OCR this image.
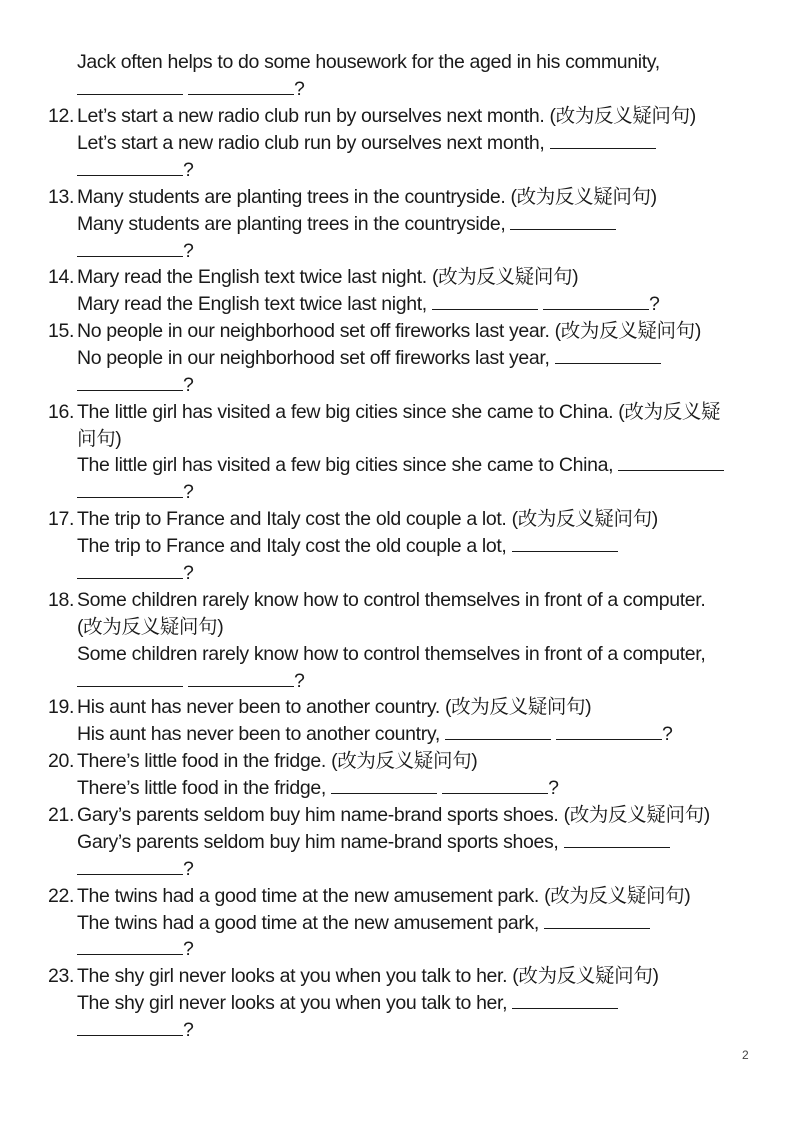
Jack often helps to do some housework for the aged in his community,
?
12. Let’s start a new radio club run by ourselves next month. (改为反义疑问句)
Let’s start a new radio club run by ourselves next month,
?
13. Many students are planting trees in the countryside. (改为反义疑问句)
Many students are planting trees in the countryside,
?
14. Mary read the English text twice last night. (改为反义疑问句)
Mary read the English text twice last night,	?
15. No people in our neighborhood set off fireworks last year. (改为反义疑问句)
No people in our neighborhood set off fireworks last year,
?
16. The little girl has visited a few big cities since she came to China. (改为反义疑
问句)
The little girl has visited a few big cities since she came to China,
?
17. The trip to France and Italy cost the old couple a lot. (改为反义疑问句)
The trip to France and Italy cost the old couple a lot,
?
18. Some children rarely know how to control themselves in front of a computer.
(改为反义疑问句)
Some children rarely know how to control themselves in front of a computer,
?
19. His aunt has never been to another country. (改为反义疑问句)
His aunt has never been to another country,	?
20. There’s little food in the fridge. (改为反义疑问句)
There’s little food in the fridge,	?
21. Gary’s parents seldom buy him name-brand sports shoes. (改为反义疑问句)
Gary’s parents seldom buy him name-brand sports shoes,
?
22. The twins had a good time at the new amusement park. (改为反义疑问句)
The twins had a good time at the new amusement park,
?
23. The shy girl never looks at you when you talk to her. (改为反义疑问句)
The shy girl never looks at you when you talk to her,
?
2
